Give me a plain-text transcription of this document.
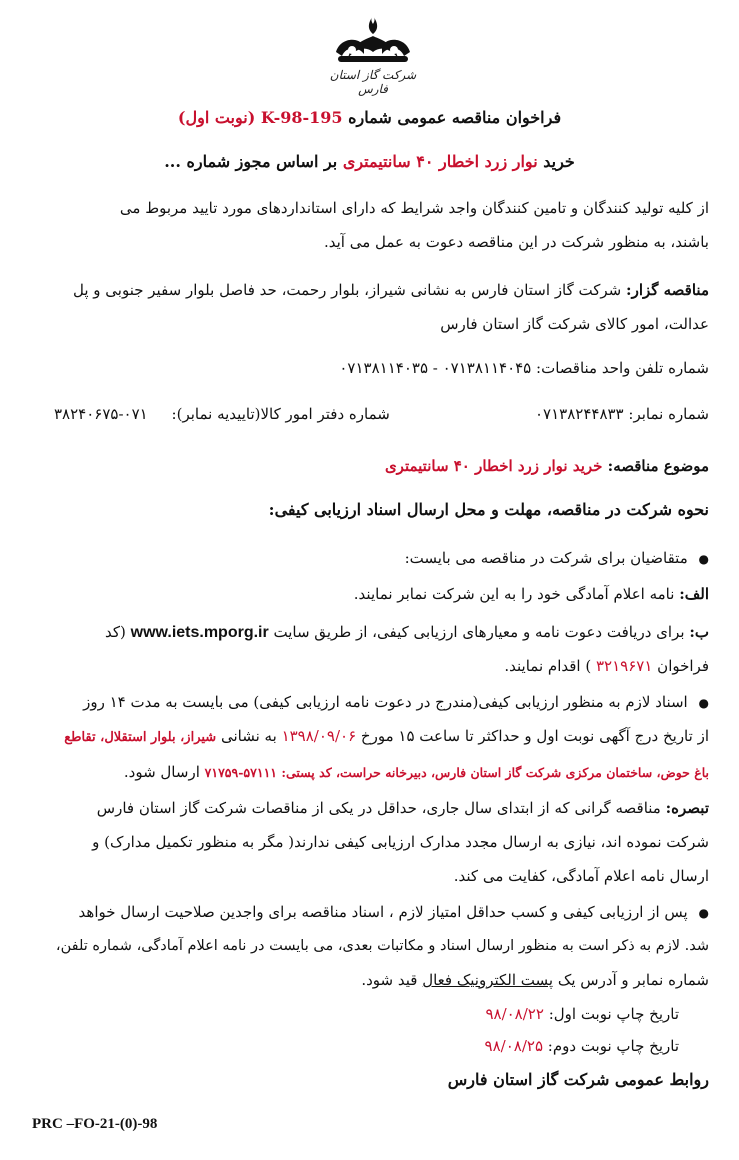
شرکت گاز استان فارس
فراخوان مناقصه عمومی شماره K-98-195 (نوبت اول)
خرید نوار زرد اخطار ۴۰ سانتیمتری بر اساس مجوز شماره ...
از کلیه تولید کنندگان و تامین کنندگان واجد شرایط که دارای استانداردهای مورد تایید مربوط می
باشند، به منظور شرکت در این مناقصه دعوت به عمل می آید.
مناقصه گزار: شرکت گاز استان فارس به نشانی شیراز، بلوار رحمت، حد فاصل بلوار سفیر جنوبی و پل
عدالت، امور کالای شرکت گاز استان فارس
شماره تلفن واحد مناقصات: ۰۷۱۳۸۱۱۴۰۴۵ - ۰۷۱۳۸۱۱۴۰۳۵
شماره نمابر: ۰۷۱۳۸۲۴۴۸۳۳
شماره دفتر امور کالا(تاییدیه نمابر):     ۰۷۱-۳۸۲۴۰۶۷۵
موضوع مناقصه: خرید نوار زرد اخطار ۴۰ سانتیمتری
نحوه شرکت در مناقصه، مهلت و محل ارسال اسناد ارزیابی کیفی:
● متقاضیان برای شرکت در مناقصه می بایست:
الف: نامه اعلام آمادگی خود را به این شرکت نمابر نمایند.
ب: برای دریافت دعوت نامه و معیارهای ارزیابی کیفی، از طریق سایت www.iets.mporg.ir (کد
فراخوان ۳۲۱۹۶۷۱ ) اقدام نمایند.
● اسناد لازم به منظور ارزیابی کیفی(مندرج در دعوت نامه ارزیابی کیفی) می بایست به مدت ۱۴ روز
از تاریخ درج آگهی نوبت اول و حداکثر تا ساعت ۱۵ مورخ ۱۳۹۸/۰۹/۰۶ به نشانی شیراز، بلوار استقلال، تقاطع
باغ حوض، ساختمان مرکزی شرکت گاز استان فارس، دبیرخانه حراست، کد پستی: ۵۷۱۱۱-۷۱۷۵۹ ارسال شود.
تبصره: مناقصه گرانی که از ابتدای سال جاری، حداقل در یکی از مناقصات شرکت گاز استان فارس
شرکت نموده اند، نیازی به ارسال مجدد مدارک ارزیابی کیفی ندارند( مگر به منظور تکمیل مدارک) و
ارسال نامه اعلام آمادگی، کفایت می کند.
● پس از ارزیابی کیفی و کسب حداقل امتیاز لازم ، اسناد مناقصه برای واجدین صلاحیت ارسال خواهد
شد. لازم به ذکر است به منظور ارسال اسناد و مکاتبات بعدی، می بایست در نامه اعلام آمادگی، شماره تلفن،
شماره نمابر و آدرس یک پست الکترونیک فعال قید شود.
تاریخ چاپ نوبت اول: ۹۸/۰۸/۲۲
تاریخ چاپ نوبت دوم: ۹۸/۰۸/۲۵
روابط عمومی شرکت گاز استان فارس
PRC –FO-21-(0)-98
